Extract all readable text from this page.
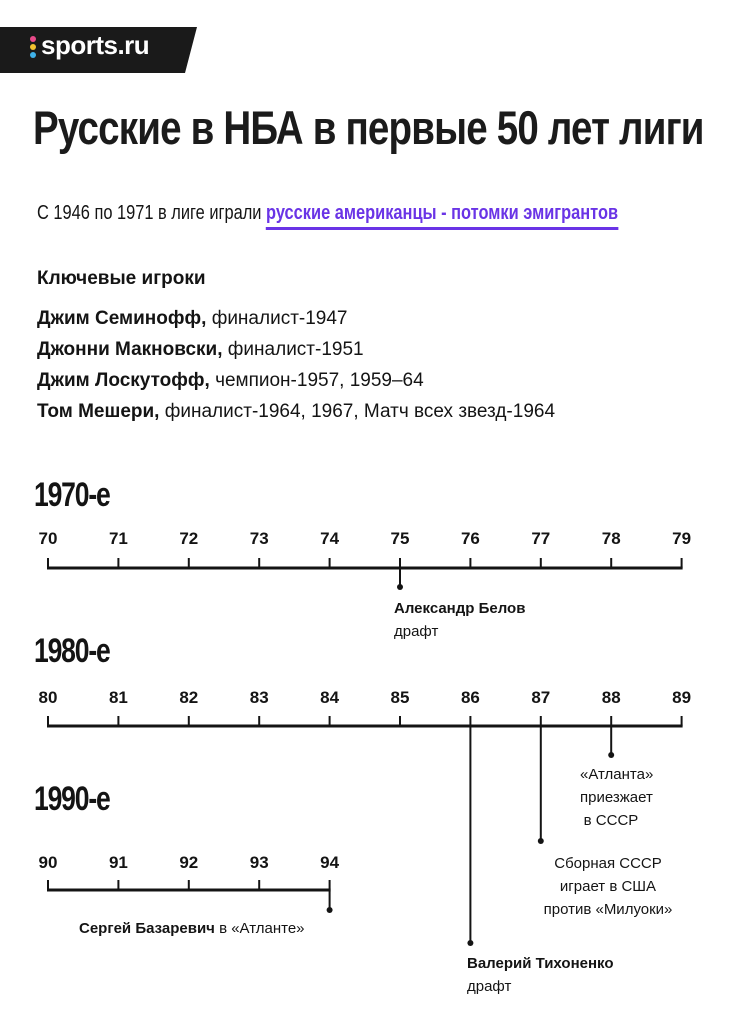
sports.ru
Русские в НБА в первые 50 лет лиги
С 1946 по 1971 в лиге играли русские американцы - потомки эмигрантов
Ключевые игроки
Джим Семинофф, финалист-1947
Джонни Макновски, финалист-1951
Джим Лоскутофф, чемпион-1957, 1959–64
Том Мешери, финалист-1964, 1967, Матч всех звезд-1964
1970-е
1980-е
1990-е
70	71	72	73	74	75	76	77	78	79
80	81	82	83	84	85	86	87	88	89
90	91	92	93	94
Александр Белов
драфт
«Атланта»
приезжает
в СССР
Сборная СССР
играет в США
против «Милуоки»
Сергей Базаревич в «Атланте»
Валерий Тихоненко
драфт
